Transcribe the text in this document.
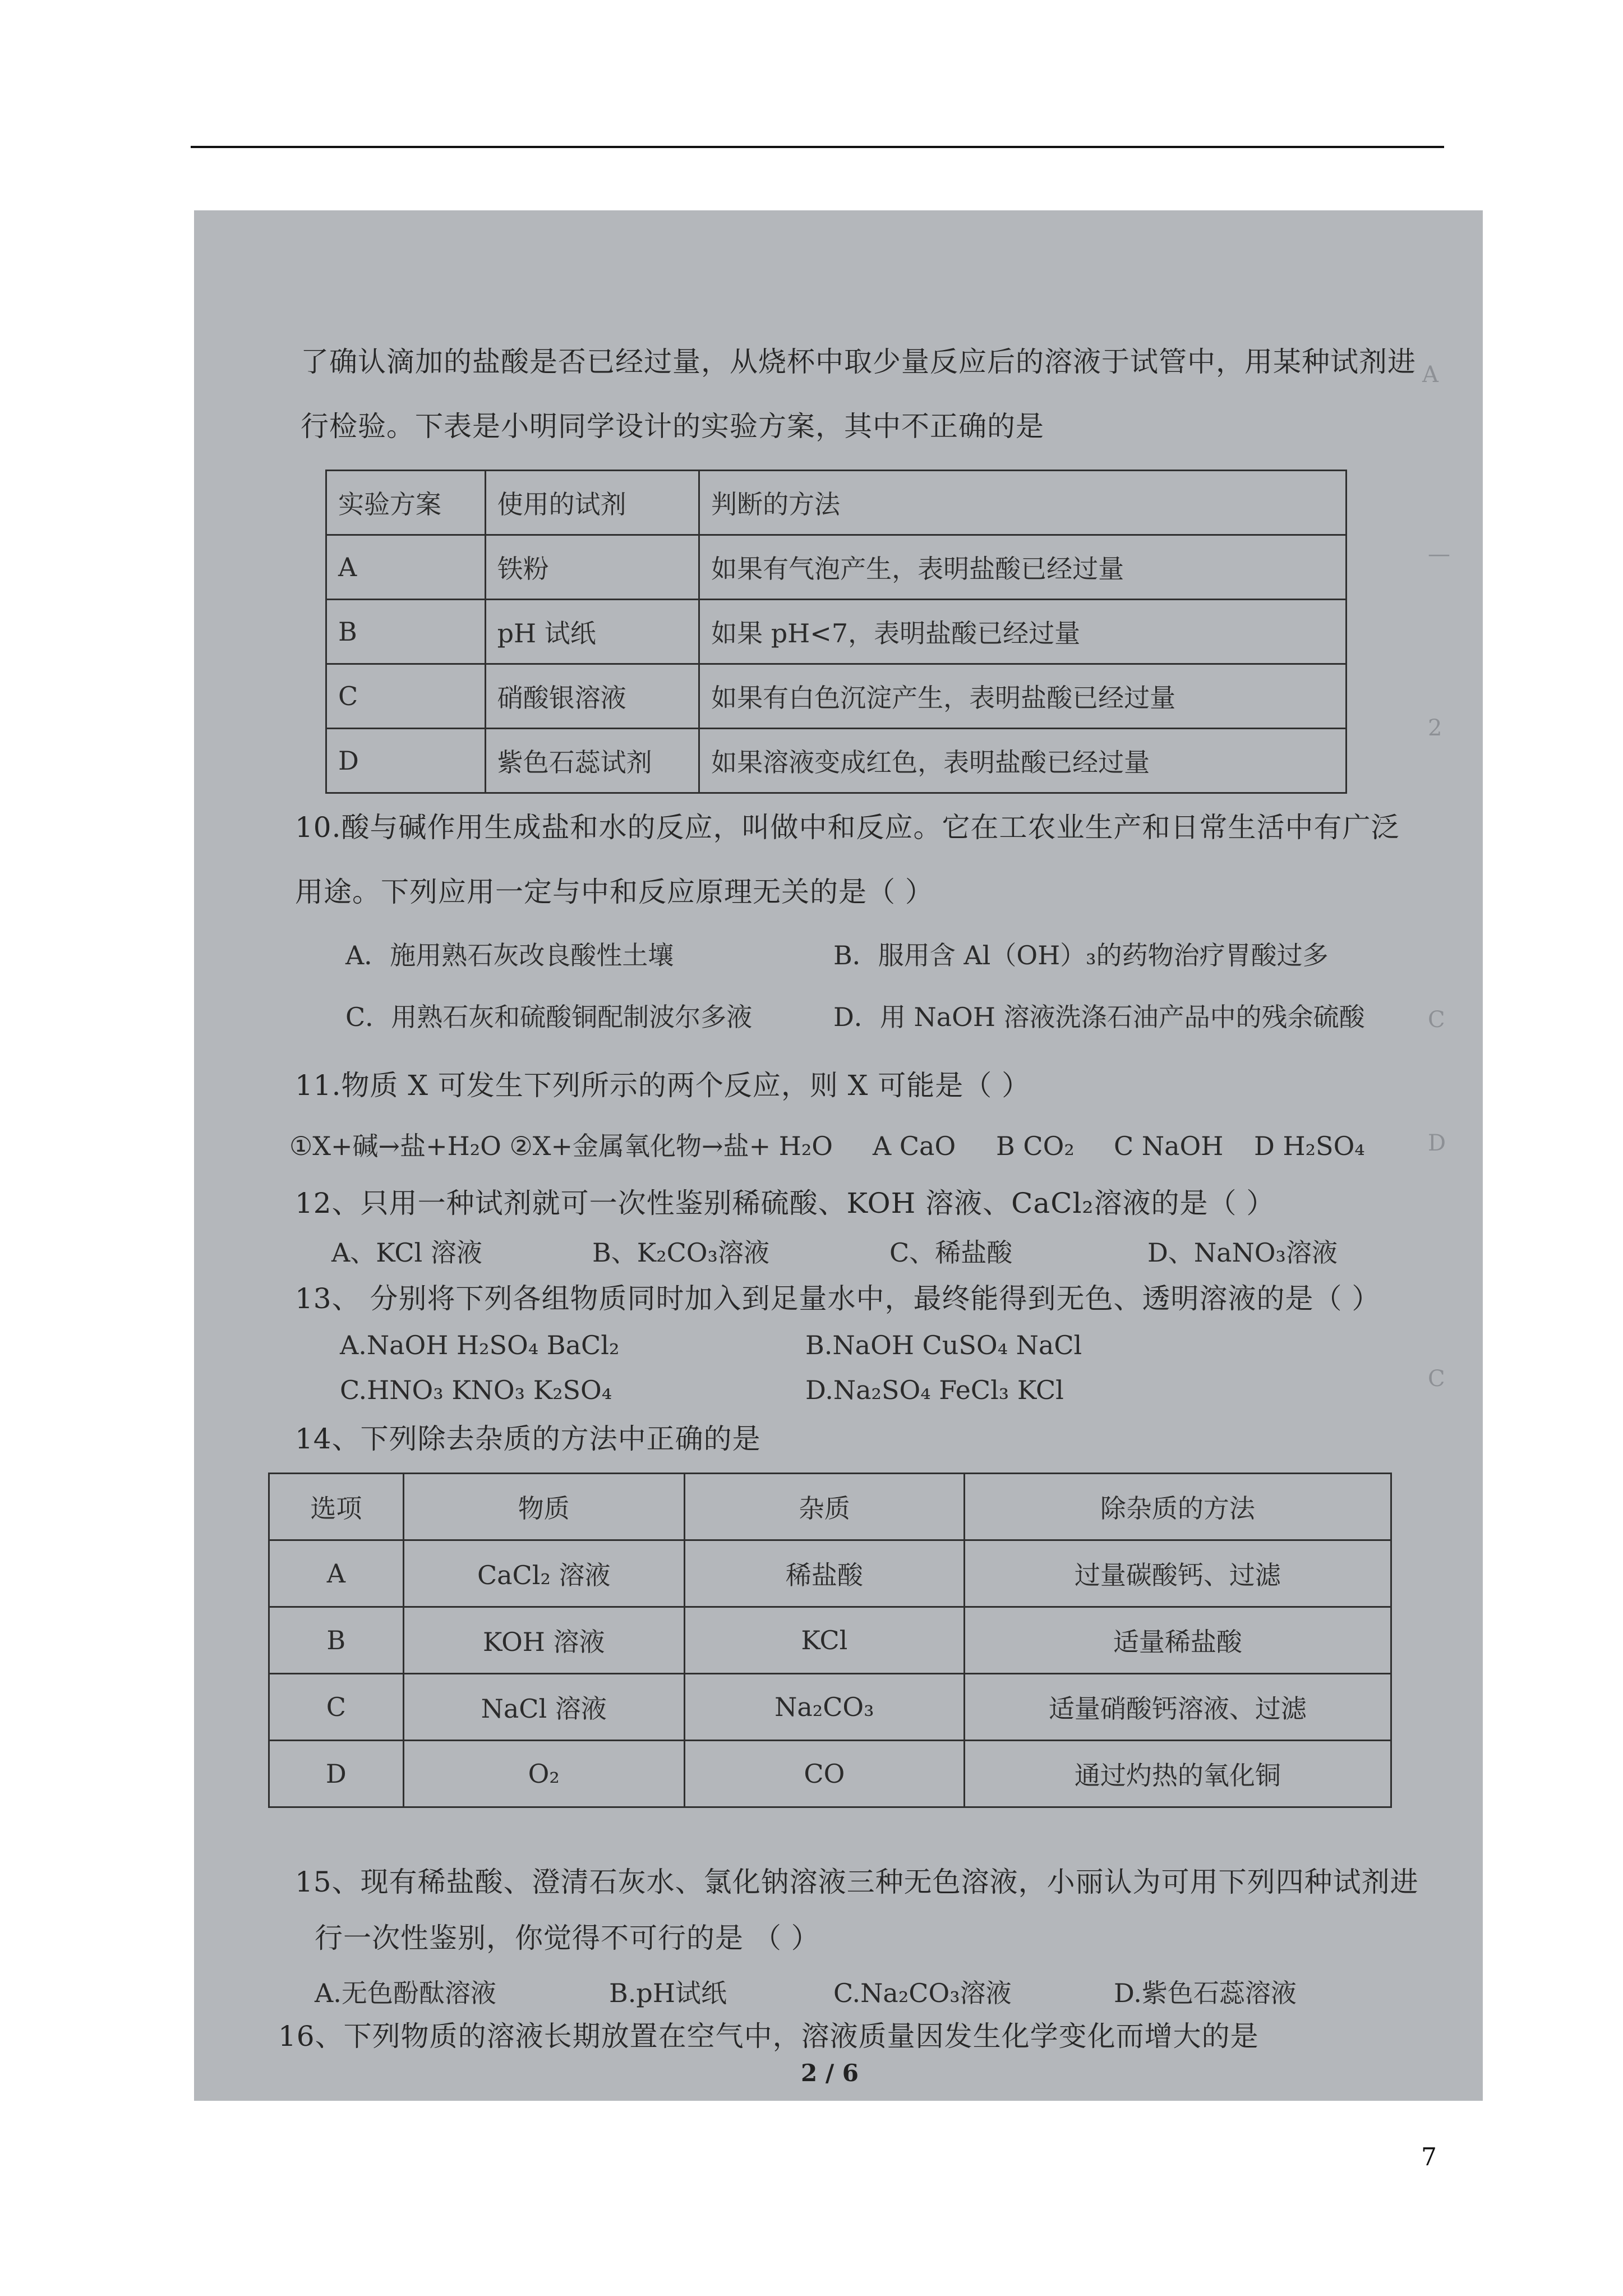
A
—
2
C
D
C
了确认滴加的盐酸是否已经过量，从烧杯中取少量反应后的溶液于试管中，用某种试剂进
行检验。下表是小明同学设计的实验方案，其中不正确的是
实验方案	使用的试剂	判断的方法
A	铁粉	如果有气泡产生，表明盐酸已经过量
B	pH 试纸	如果 pH<7，表明盐酸已经过量
C	硝酸银溶液	如果有白色沉淀产生，表明盐酸已经过量
D	紫色石蕊试剂	如果溶液变成红色，表明盐酸已经过量
10.酸与碱作用生成盐和水的反应，叫做中和反应。它在工农业生产和日常生活中有广泛
用途。下列应用一定与中和反应原理无关的是（ ）
A．施用熟石灰改良酸性土壤	B．服用含 Al（OH）₃的药物治疗胃酸过多
C．用熟石灰和硫酸铜配制波尔多液	D．用 NaOH 溶液洗涤石油产品中的残余硫酸
11.物质 X 可发生下列所示的两个反应，则 X 可能是（ ）
①X+碱→盐+H₂O ②X+金属氧化物→盐+ H₂O A CaO B CO₂ C NaOH D H₂SO₄
12、只用一种试剂就可一次性鉴别稀硫酸、KOH 溶液、CaCl₂溶液的是（ ）
A、KCl 溶液	B、K₂CO₃溶液	C、稀盐酸	D、NaNO₃溶液
13、 分别将下列各组物质同时加入到足量水中，最终能得到无色、透明溶液的是（ ）
A.NaOH H₂SO₄ BaCl₂	B.NaOH CuSO₄ NaCl
C.HNO₃ KNO₃ K₂SO₄	D.Na₂SO₄ FeCl₃ KCl
14、下列除去杂质的方法中正确的是
选项	物质	杂质	除杂质的方法
A	CaCl₂ 溶液	稀盐酸	过量碳酸钙、过滤
B	KOH 溶液	KCl	适量稀盐酸
C	NaCl 溶液	Na₂CO₃	适量硝酸钙溶液、过滤
D	O₂	CO	通过灼热的氧化铜
15、现有稀盐酸、澄清石灰水、氯化钠溶液三种无色溶液，小丽认为可用下列四种试剂进
行一次性鉴别，你觉得不可行的是 （ ）
A.无色酚酞溶液	B.pH试纸	C.Na₂CO₃溶液	D.紫色石蕊溶液
16、下列物质的溶液长期放置在空气中，溶液质量因发生化学变化而增大的是
2 / 6
7
